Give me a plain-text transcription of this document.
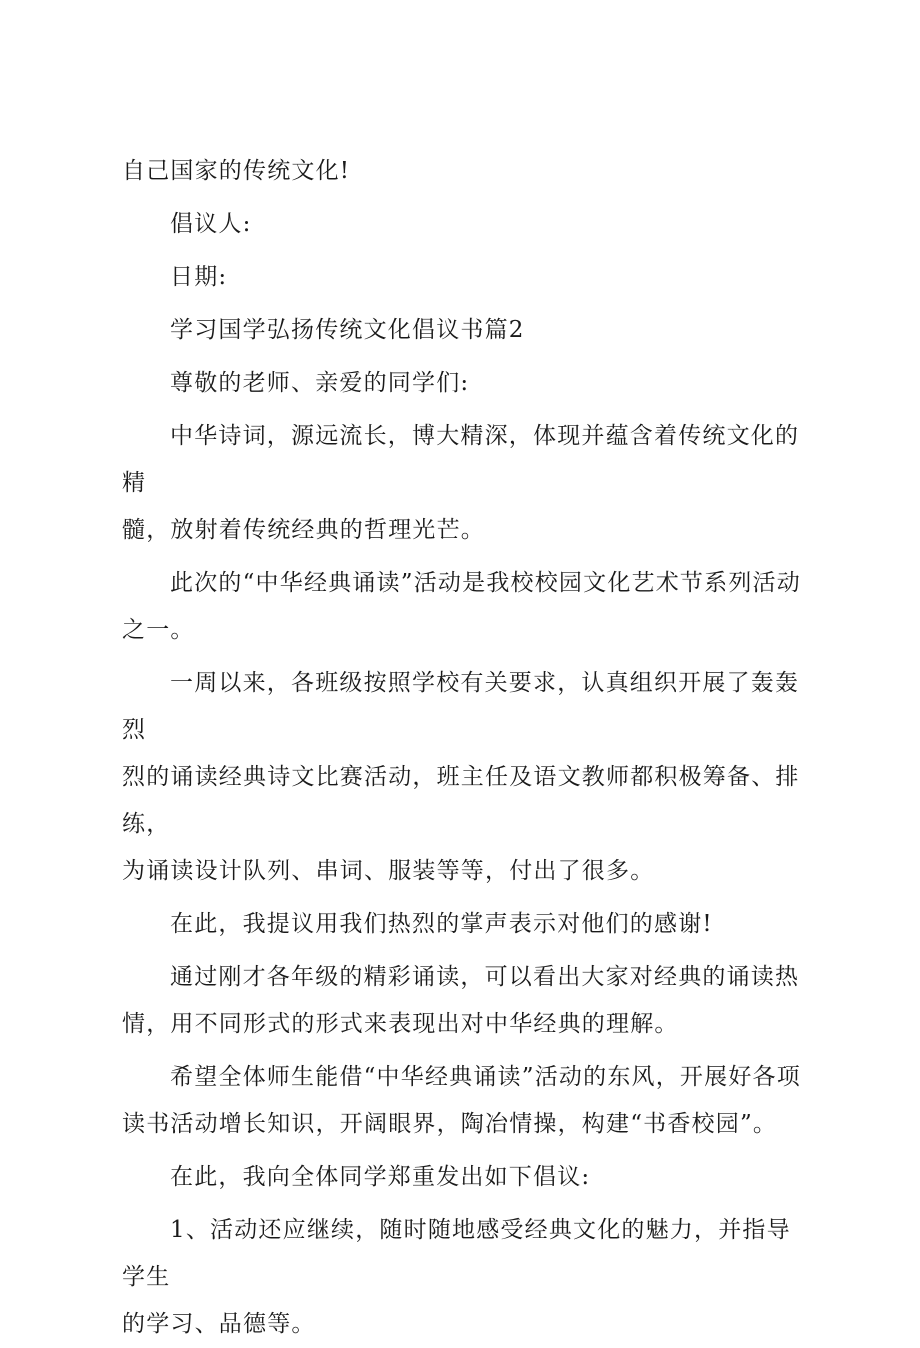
自己国家的传统文化!

倡议人:

日期:

学习国学弘扬传统文化倡议书篇2

尊敬的老师、亲爱的同学们:

中华诗词，源远流长，博大精深，体现并蕴含着传统文化的精
髓，放射着传统经典的哲理光芒。

此次的“中华经典诵读”活动是我校校园文化艺术节系列活动
之一。

一周以来，各班级按照学校有关要求，认真组织开展了轰轰烈
烈的诵读经典诗文比赛活动，班主任及语文教师都积极筹备、排练，
为诵读设计队列、串词、服装等等，付出了很多。

在此，我提议用我们热烈的掌声表示对他们的感谢!

通过刚才各年级的精彩诵读，可以看出大家对经典的诵读热
情，用不同形式的形式来表现出对中华经典的理解。

希望全体师生能借“中华经典诵读”活动的东风，开展好各项
读书活动增长知识，开阔眼界，陶冶情操，构建“书香校园”。

在此，我向全体同学郑重发出如下倡议:

1、活动还应继续，随时随地感受经典文化的魅力，并指导学生
的学习、品德等。
